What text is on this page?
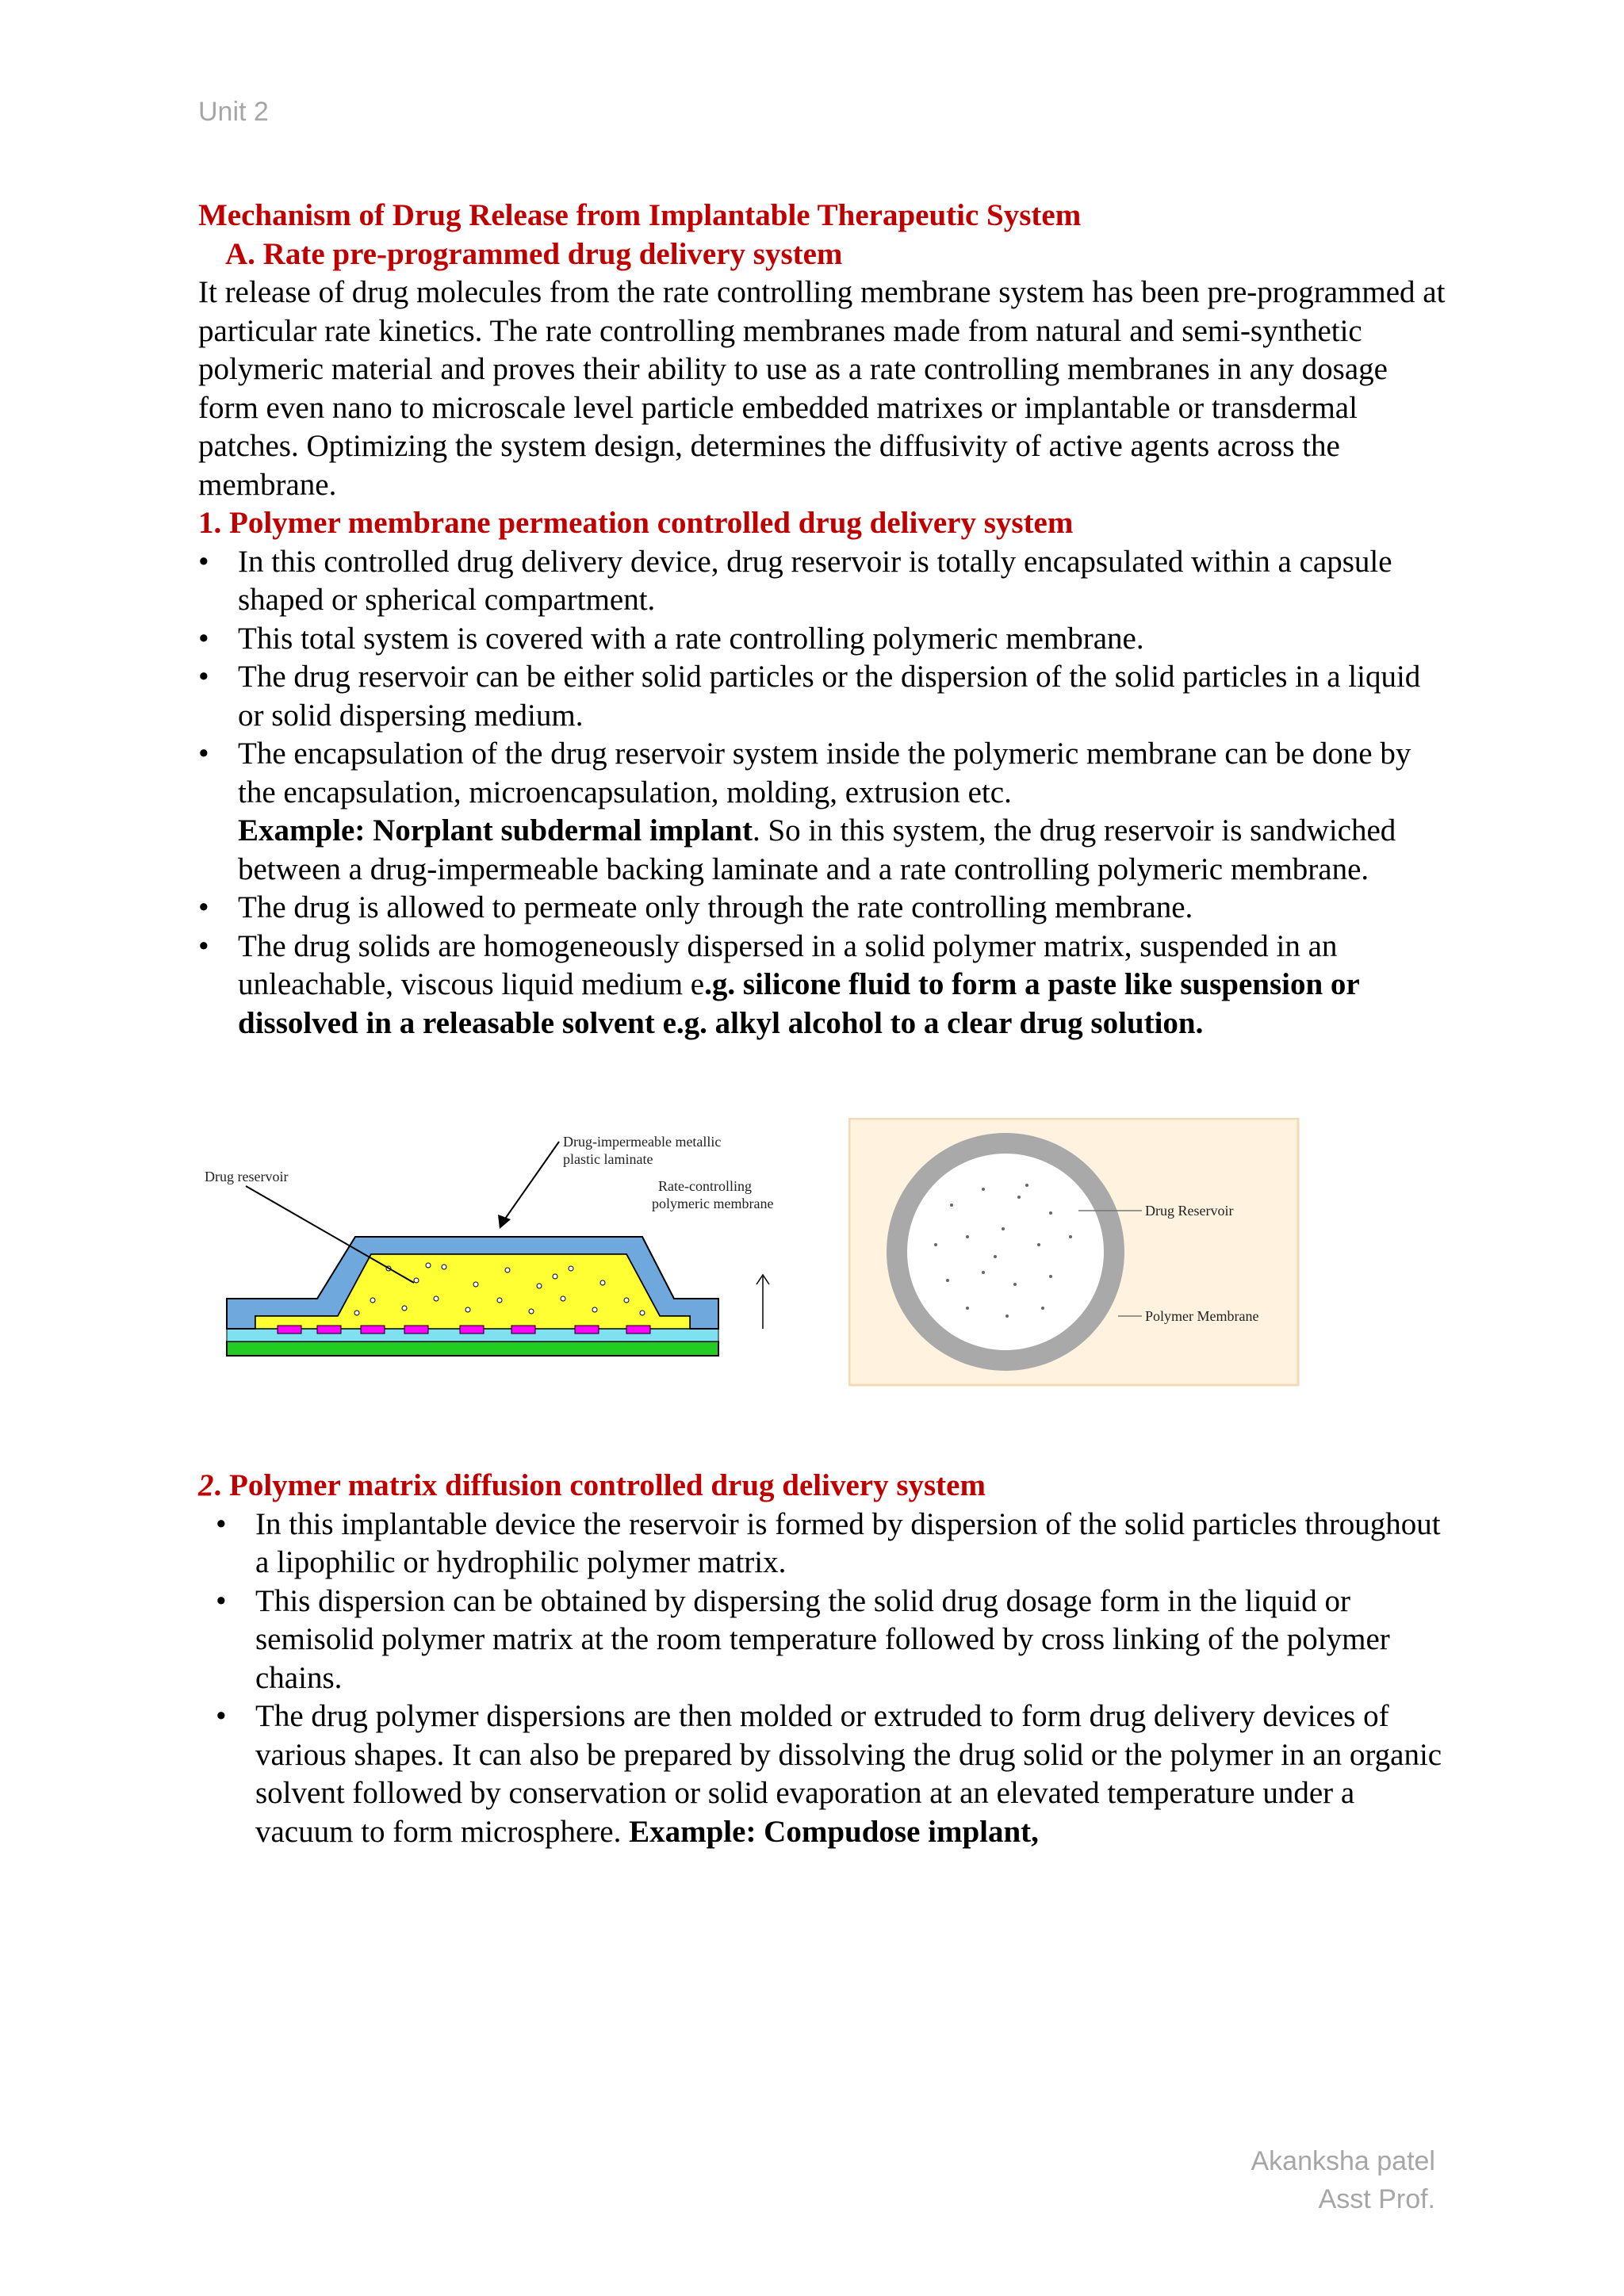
Unit 2

Mechanism of Drug Release from Implantable Therapeutic System

A. Rate pre-programmed drug delivery system

It release of drug molecules from the rate controlling membrane system has been pre-programmed at particular rate kinetics. The rate controlling membranes made from natural and semi-synthetic polymeric material and proves their ability to use as a rate controlling membranes in any dosage form even nano to microscale level particle embedded matrixes or implantable or transdermal patches. Optimizing the system design, determines the diffusivity of active agents across the membrane.

1. Polymer membrane permeation controlled drug delivery system

• In this controlled drug delivery device, drug reservoir is totally encapsulated within a capsule shaped or spherical compartment.
• This total system is covered with a rate controlling polymeric membrane.
• The drug reservoir can be either solid particles or the dispersion of the solid particles in a liquid or solid dispersing medium.
• The encapsulation of the drug reservoir system inside the polymeric membrane can be done by the encapsulation, microencapsulation, molding, extrusion etc.
Example: Norplant subdermal implant. So in this system, the drug reservoir is sandwiched between a drug-impermeable backing laminate and a rate controlling polymeric membrane.
• The drug is allowed to permeate only through the rate controlling membrane.
• The drug solids are homogeneously dispersed in a solid polymer matrix, suspended in an unleachable, viscous liquid medium e.g. silicone fluid to form a paste like suspension or dissolved in a releasable solvent e.g. alkyl alcohol to a clear drug solution.
Drug reservoir
Drug-impermeable metallic
plastic laminate
Rate-controlling
polymeric membrane	Drug Reservoir
Polymer Membrane

2. Polymer matrix diffusion controlled drug delivery system

• In this implantable device the reservoir is formed by dispersion of the solid particles throughout a lipophilic or hydrophilic polymer matrix.
• This dispersion can be obtained by dispersing the solid drug dosage form in the liquid or semisolid polymer matrix at the room temperature followed by cross linking of the polymer chains.
• The drug polymer dispersions are then molded or extruded to form drug delivery devices of various shapes. It can also be prepared by dissolving the drug solid or the polymer in an organic solvent followed by conservation or solid evaporation at an elevated temperature under a vacuum to form microsphere. Example: Compudose implant,
Akanksha patel
Asst Prof.
